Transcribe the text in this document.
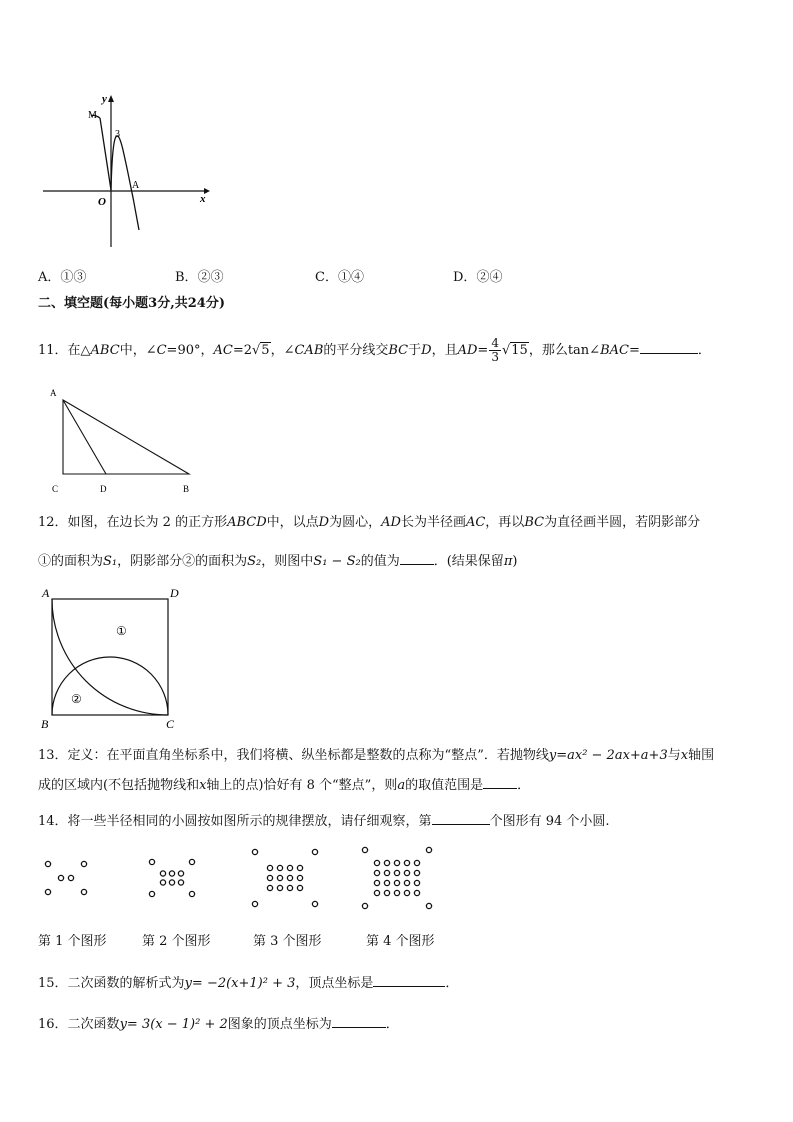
y
x
O
M
3
A
A．①③	B．②③	C．①④	D．②④
二、填空题(每小题3分,共24分)
11．在△ABC中，∠C=90°，AC=2√5，∠CAB的平分线交BC于D，且$AD= \frac{4}{3} √15$，那么tan∠BAC=	．
A
C	D	B
12．如图，在边长为 2 的正方形ABCD中，以点D为圆心，AD长为半径画AC，再以BC为直径画半圆，若阴影部分
①的面积为S₁，阴影部分②的面积为S₂，则图中S₁ − S₂的值为	．(结果保留π)
A	D
B	C
①
②
13．定义：在平面直角坐标系中，我们将横、纵坐标都是整数的点称为“整点”．若抛物线y=ax² − 2ax+a+3与x轴围
成的区域内(不包括抛物线和x轴上的点)恰好有 8 个“整点”，则a的取值范围是	．
14．将一些半径相同的小圆按如图所示的规律摆放，请仔细观察，第	个图形有 94 个小圆.
第 1 个图形	第 2 个图形	第 3 个图形	第 4 个图形
15．二次函数的解析式为y= −2(x+1)² + 3，顶点坐标是	．
16．二次函数y= 3(x − 1)² + 2图象的顶点坐标为	．
